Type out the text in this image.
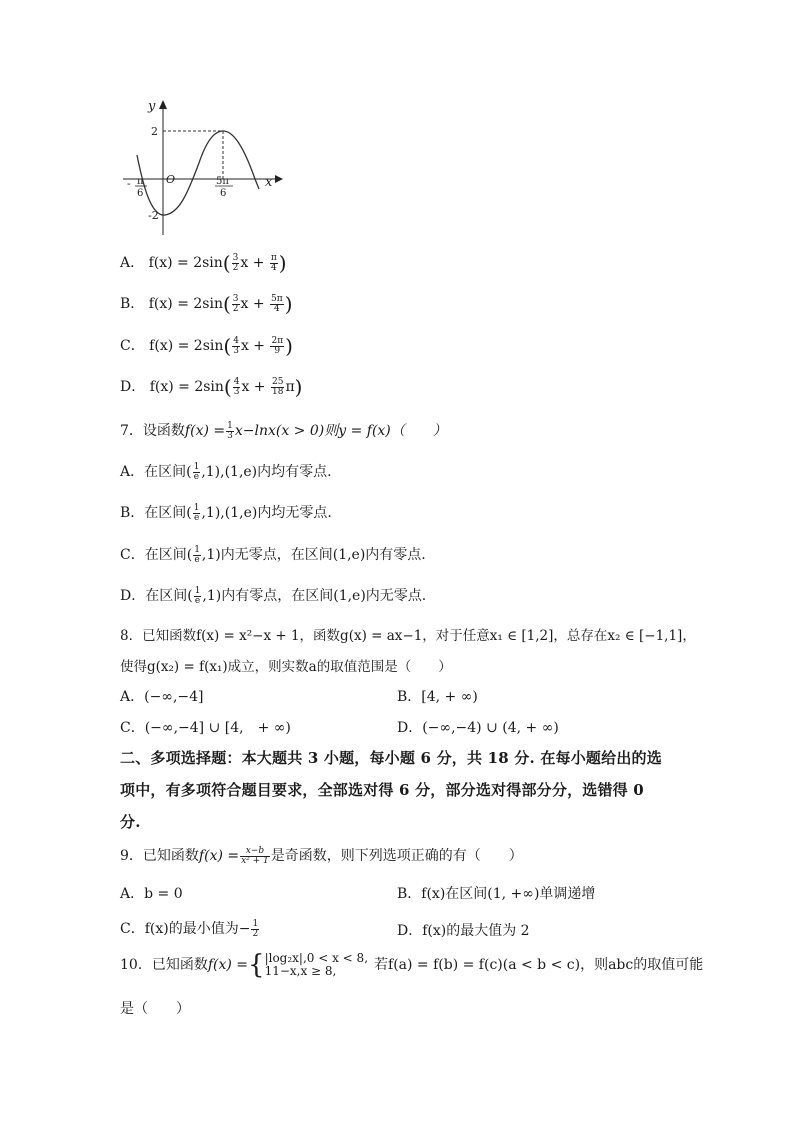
y
x
O
2
-2
- π
6
5π
6
A． $f(x) = 2\sin( \frac{3}{2}$ $x + \frac{\pi}{4}$ )
B． $f(x) = 2\sin( \frac{3}{2}$ $x + \frac{5\pi}{4}$ )
C． $f(x) = 2\sin( \frac{4}{3}$ $x + \frac{2\pi}{9}$ )
D． $f(x) = 2\sin( \frac{4}{3}$ $x + \frac{25}{18} \pi$)
7．设函数$f(x) = \frac{1}{3} x-\ln x(x > 0)$则y = f(x)（　　）
A．在区间( $\frac{1}{e} ,1),(1,e)$内均有零点.
B．在区间( $\frac{1}{e} ,1),(1,e)$内均无零点.
C．在区间( $\frac{1}{e} ,1$)内无零点，在区间(1,e)内有零点.
D．在区间( $\frac{1}{e} ,1$)内有零点，在区间(1,e)内无零点.
8．已知函数f(x) = x²−x + 1，函数g(x) = ax−1，对于任意x₁ ∈ [1,2]，总存在x₂ ∈ [−1,1]，
使得g(x₂) = f(x₁)成立，则实数a的取值范围是（　　）
A．(−∞,−4]	B．[4, + ∞)
C．(−∞,−4] ∪ [4,　+ ∞)	D．(−∞,−4) ∪ (4, + ∞)
二、多项选择题：本大题共 3 小题，每小题 6 分，共 18 分. 在每小题给出的选
项中，有多项符合题目要求，全部选对得 6 分，部分选对得部分分，选错得 0
分.
9．已知函数$f(x) = \frac{x-b}{\text{x² + 1}}$ 是奇函数，则下列选项正确的有（　　）
A．b = 0	B．f(x)在区间(1, +∞)单调递增
C．f(x)的最小值为− $\frac{1}{2}$	D．f(x)的最大值为 2
10．已知函数f(x) ={ |log₂x|,0 < x < 8,
11−x,x ≥ 8,	若f(a) = f(b) = f(c)(a < b < c)，则abc的取值可能
是（　　）
